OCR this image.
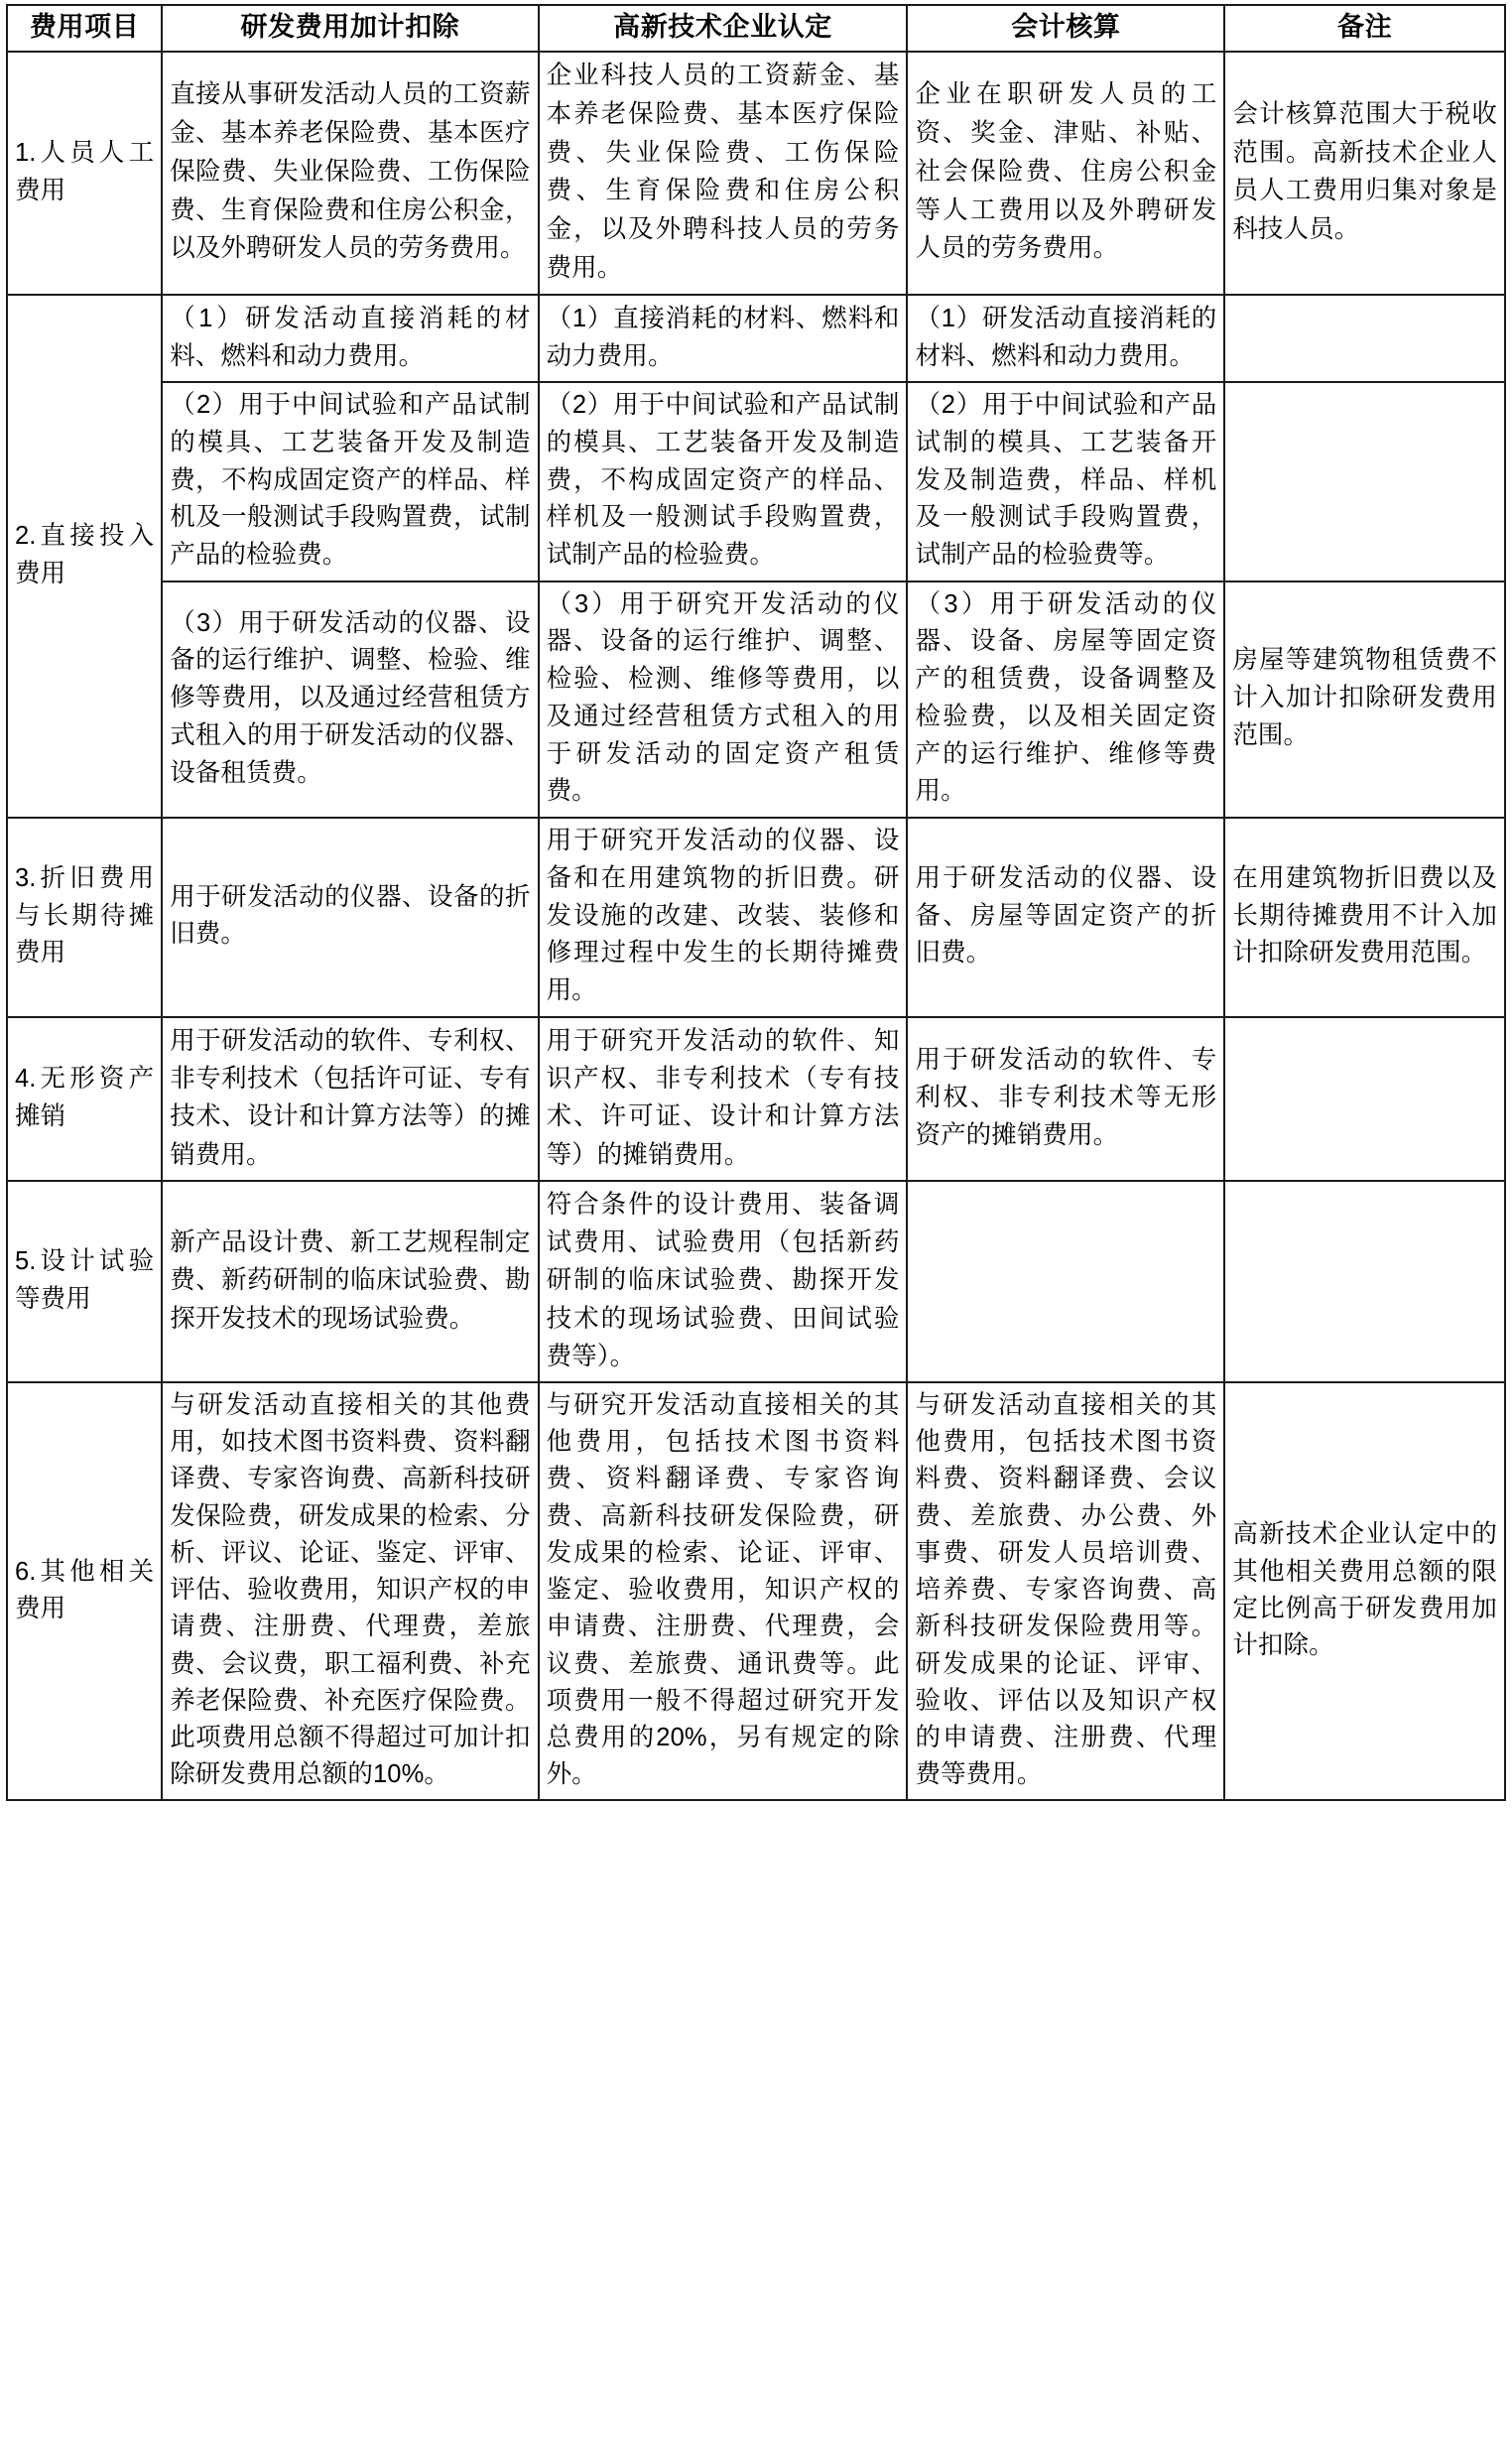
费用项目	研发费用加计扣除	高新技术企业认定	会计核算	备注
1.人员人工费用	直接从事研发活动人员的工资薪金、基本养老保险费、基本医疗保险费、失业保险费、工伤保险费、生育保险费和住房公积金，以及外聘研发人员的劳务费用。	企业科技人员的工资薪金、基本养老保险费、基本医疗保险费、失业保险费、工伤保险费、生育保险费和住房公积金，以及外聘科技人员的劳务费用。	企业在职研发人员的工资、奖金、津贴、补贴、社会保险费、住房公积金等人工费用以及外聘研发人员的劳务费用。	会计核算范围大于税收范围。高新技术企业人员人工费用归集对象是科技人员。
2.直接投入费用	（1）研发活动直接消耗的材料、燃料和动力费用。	（1）直接消耗的材料、燃料和动力费用。	（1）研发活动直接消耗的材料、燃料和动力费用。	
	（2）用于中间试验和产品试制的模具、工艺装备开发及制造费，不构成固定资产的样品、样机及一般测试手段购置费，试制产品的检验费。	（2）用于中间试验和产品试制的模具、工艺装备开发及制造费，不构成固定资产的样品、样机及一般测试手段购置费，试制产品的检验费。	（2）用于中间试验和产品试制的模具、工艺装备开发及制造费，样品、样机及一般测试手段购置费，试制产品的检验费等。	
	（3）用于研发活动的仪器、设备的运行维护、调整、检验、维修等费用，以及通过经营租赁方式租入的用于研发活动的仪器、设备租赁费。	（3）用于研究开发活动的仪器、设备的运行维护、调整、检验、检测、维修等费用，以及通过经营租赁方式租入的用于研发活动的固定资产租赁费。	（3）用于研发活动的仪器、设备、房屋等固定资产的租赁费，设备调整及检验费，以及相关固定资产的运行维护、维修等费用。	房屋等建筑物租赁费不计入加计扣除研发费用范围。
3.折旧费用与长期待摊费用	用于研发活动的仪器、设备的折旧费。	用于研究开发活动的仪器、设备和在用建筑物的折旧费。研发设施的改建、改装、装修和修理过程中发生的长期待摊费用。	用于研发活动的仪器、设备、房屋等固定资产的折旧费。	在用建筑物折旧费以及长期待摊费用不计入加计扣除研发费用范围。
4.无形资产摊销	用于研发活动的软件、专利权、非专利技术（包括许可证、专有技术、设计和计算方法等）的摊销费用。	用于研究开发活动的软件、知识产权、非专利技术（专有技术、许可证、设计和计算方法等）的摊销费用。	用于研发活动的软件、专利权、非专利技术等无形资产的摊销费用。	
5.设计试验等费用	新产品设计费、新工艺规程制定费、新药研制的临床试验费、勘探开发技术的现场试验费。	符合条件的设计费用、装备调试费用、试验费用（包括新药研制的临床试验费、勘探开发技术的现场试验费、田间试验费等）。		
6.其他相关费用	与研发活动直接相关的其他费用，如技术图书资料费、资料翻译费、专家咨询费、高新科技研发保险费，研发成果的检索、分析、评议、论证、鉴定、评审、评估、验收费用，知识产权的申请费、注册费、代理费，差旅费、会议费，职工福利费、补充养老保险费、补充医疗保险费。此项费用总额不得超过可加计扣除研发费用总额的10%。	与研究开发活动直接相关的其他费用，包括技术图书资料费、资料翻译费、专家咨询费、高新科技研发保险费，研发成果的检索、论证、评审、鉴定、验收费用，知识产权的申请费、注册费、代理费，会议费、差旅费、通讯费等。此项费用一般不得超过研究开发总费用的20%，另有规定的除外。	与研发活动直接相关的其他费用，包括技术图书资料费、资料翻译费、会议费、差旅费、办公费、外事费、研发人员培训费、培养费、专家咨询费、高新科技研发保险费用等。研发成果的论证、评审、验收、评估以及知识产权的申请费、注册费、代理费等费用。	高新技术企业认定中的其他相关费用总额的限定比例高于研发费用加计扣除。
